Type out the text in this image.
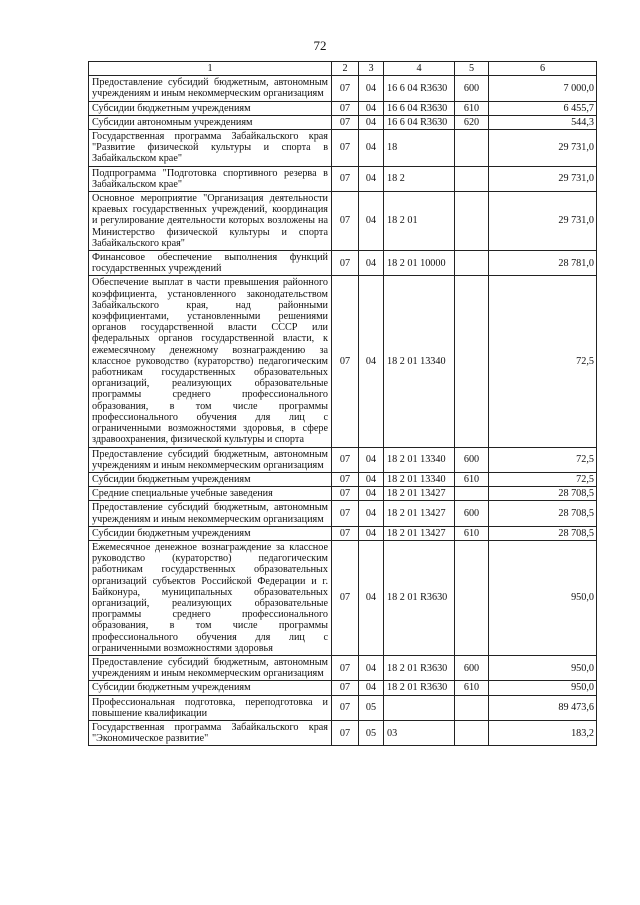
72
1	2	3	4	5	6
Предоставление субсидий бюджетным, автономным учреждениям и иным некоммерческим организациям	07	04	16 6 04 R3630	600	7 000,0
Субсидии бюджетным учреждениям	07	04	16 6 04 R3630	610	6 455,7
Субсидии автономным учреждениям	07	04	16 6 04 R3630	620	544,3
Государственная программа Забайкальского края "Развитие физической культуры и спорта в Забайкальском крае"	07	04	18		29 731,0
Подпрограмма "Подготовка спортивного резерва в Забайкальском крае"	07	04	18 2		29 731,0
Основное мероприятие "Организация деятельности краевых государственных учреждений, координация и регулирование деятельности которых возложены на Министерство физической культуры и спорта Забайкальского края"	07	04	18 2 01		29 731,0
Финансовое обеспечение выполнения функций государственных учреждений	07	04	18 2 01 10000		28 781,0
Обеспечение выплат в части превышения районного коэффициента, установленного законодательством Забайкальского края, над районными коэффициентами, установленными решениями органов государственной власти СССР или федеральных органов государственной власти, к ежемесячному денежному вознаграждению за классное руководство (кураторство) педагогическим работникам государственных образовательных организаций, реализующих образовательные программы среднего профессионального образования, в том числе программы профессионального обучения для лиц с ограниченными возможностями здоровья, в сфере здравоохранения, физической культуры и спорта	07	04	18 2 01 13340		72,5
Предоставление субсидий бюджетным, автономным учреждениям и иным некоммерческим организациям	07	04	18 2 01 13340	600	72,5
Субсидии бюджетным учреждениям	07	04	18 2 01 13340	610	72,5
Средние специальные учебные заведения	07	04	18 2 01 13427		28 708,5
Предоставление субсидий бюджетным, автономным учреждениям и иным некоммерческим организациям	07	04	18 2 01 13427	600	28 708,5
Субсидии бюджетным учреждениям	07	04	18 2 01 13427	610	28 708,5
Ежемесячное денежное вознаграждение за классное руководство (кураторство) педагогическим работникам государственных образовательных организаций субъектов Российской Федерации и г. Байконура, муниципальных образовательных организаций, реализующих образовательные программы среднего профессионального образования, в том числе программы профессионального обучения для лиц с ограниченными возможностями здоровья	07	04	18 2 01 R3630		950,0
Предоставление субсидий бюджетным, автономным учреждениям и иным некоммерческим организациям	07	04	18 2 01 R3630	600	950,0
Субсидии бюджетным учреждениям	07	04	18 2 01 R3630	610	950,0
Профессиональная подготовка, переподготовка и повышение квалификации	07	05			89 473,6
Государственная программа Забайкальского края "Экономическое развитие"	07	05	03		183,2
